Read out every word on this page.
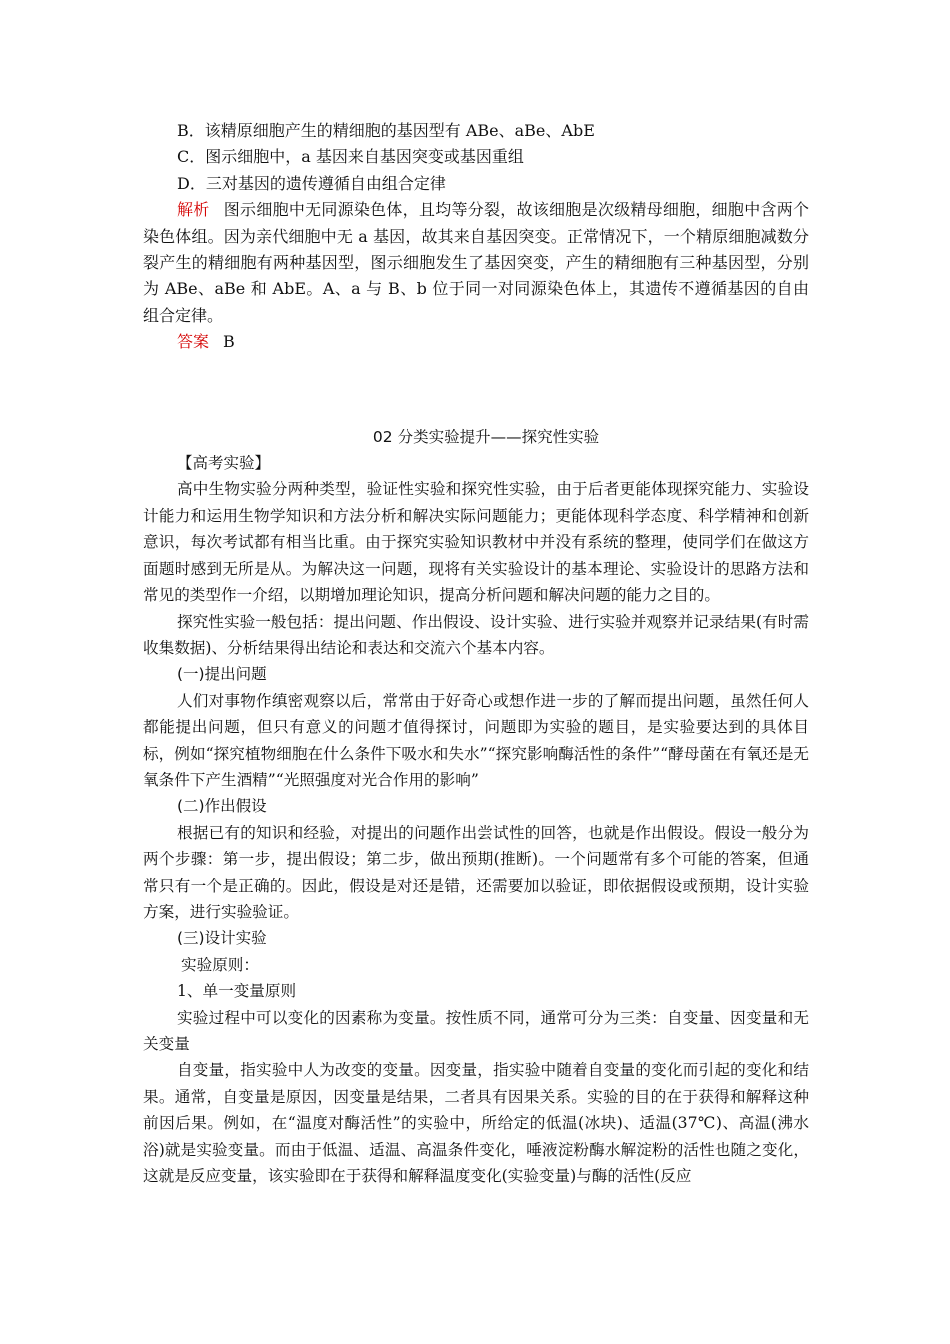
B．该精原细胞产生的精细胞的基因型有 ABe、aBe、AbE

C．图示细胞中，a 基因来自基因突变或基因重组

D．三对基因的遗传遵循自由组合定律

解析 图示细胞中无同源染色体，且均等分裂，故该细胞是次级精母细胞，细胞中含两个染色体组。因为亲代细胞中无 a 基因，故其来自基因突变。正常情况下，一个精原细胞减数分裂产生的精细胞有两种基因型，图示细胞发生了基因突变，产生的精细胞有三种基因型，分别为 ABe、aBe 和 AbE。A、a 与 B、b 位于同一对同源染色体上，其遗传不遵循基因的自由组合定律。

答案 B

02 分类实验提升——探究性实验

【高考实验】

高中生物实验分两种类型，验证性实验和探究性实验，由于后者更能体现探究能力、实验设计能力和运用生物学知识和方法分析和解决实际问题能力；更能体现科学态度、科学精神和创新意识，每次考试都有相当比重。由于探究实验知识教材中并没有系统的整理，使同学们在做这方面题时感到无所是从。为解决这一问题，现将有关实验设计的基本理论、实验设计的思路方法和常见的类型作一介绍，以期增加理论知识，提高分析问题和解决问题的能力之目的。

探究性实验一般包括：提出问题、作出假设、设计实验、进行实验并观察并记录结果(有时需收集数据)、分析结果得出结论和表达和交流六个基本内容。

(一)提出问题

人们对事物作缜密观察以后，常常由于好奇心或想作进一步的了解而提出问题，虽然任何人都能提出问题，但只有意义的问题才值得探讨，问题即为实验的题目，是实验要达到的具体目标，例如“探究植物细胞在什么条件下吸水和失水”“探究影响酶活性的条件”“酵母菌在有氧还是无氧条件下产生酒精”“光照强度对光合作用的影响”

(二)作出假设

根据已有的知识和经验，对提出的问题作出尝试性的回答，也就是作出假设。假设一般分为两个步骤：第一步，提出假设；第二步，做出预期(推断)。一个问题常有多个可能的答案，但通常只有一个是正确的。因此，假设是对还是错，还需要加以验证，即依据假设或预期，设计实验方案，进行实验验证。

(三)设计实验

实验原则：

1、单一变量原则

实验过程中可以变化的因素称为变量。按性质不同，通常可分为三类：自变量、因变量和无关变量

自变量，指实验中人为改变的变量。因变量，指实验中随着自变量的变化而引起的变化和结果。通常，自变量是原因，因变量是结果，二者具有因果关系。实验的目的在于获得和解释这种前因后果。例如，在“温度对酶活性”的实验中，所给定的低温(冰块)、适温(37℃)、高温(沸水浴)就是实验变量。而由于低温、适温、高温条件变化，唾液淀粉酶水解淀粉的活性也随之变化，这就是反应变量，该实验即在于获得和解释温度变化(实验变量)与酶的活性(反应
